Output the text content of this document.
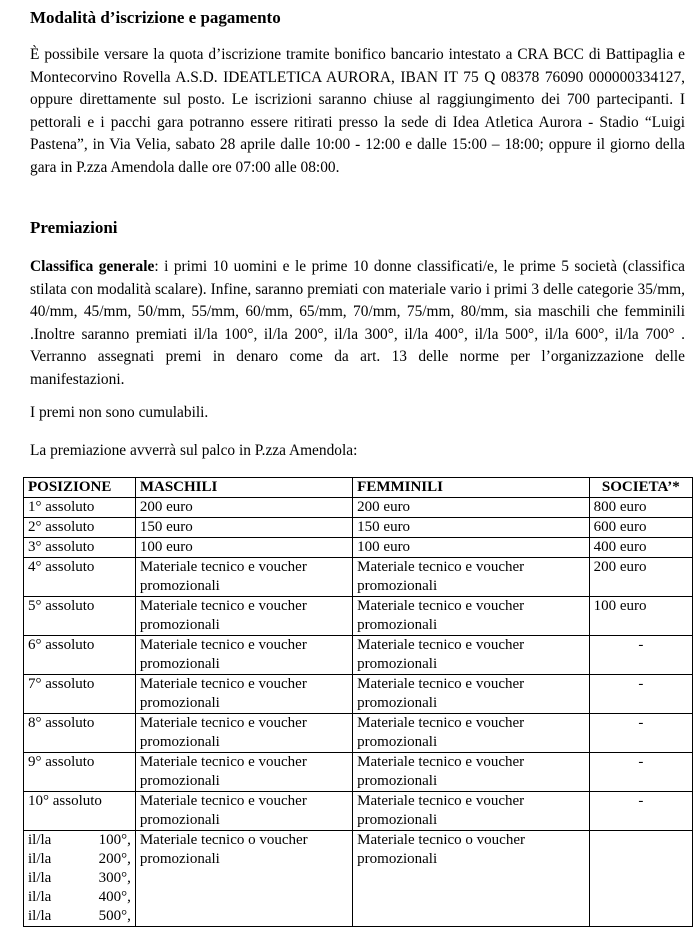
Modalità d’iscrizione e pagamento

È possibile versare la quota d’iscrizione tramite bonifico bancario intestato a CRA BCC di Battipaglia e Montecorvino Rovella A.S.D. IDEATLETICA AURORA, IBAN IT 75 Q 08378 76090 000000334127, oppure direttamente sul posto. Le iscrizioni saranno chiuse al raggiungimento dei 700 partecipanti. I pettorali e i pacchi gara potranno essere ritirati presso la sede di Idea Atletica Aurora - Stadio “Luigi Pastena”, in Via Velia, sabato 28 aprile dalle 10:00 - 12:00 e dalle 15:00 – 18:00; oppure il giorno della gara in P.zza Amendola dalle ore 07:00 alle 08:00.

Premiazioni

Classifica generale: i primi 10 uomini e le prime 10 donne classificati/e, le prime 5 società (classifica stilata con modalità scalare). Infine, saranno premiati con materiale vario i primi 3 delle categorie 35/mm, 40/mm, 45/mm, 50/mm, 55/mm, 60/mm, 65/mm, 70/mm, 75/mm, 80/mm, sia maschili che femminili .Inoltre saranno premiati il/la 100°, il/la 200°, il/la 300°, il/la 400°, il/la 500°, il/la 600°, il/la 700° . Verranno assegnati premi in denaro come da art. 13 delle norme per l’organizzazione delle manifestazioni.

I premi non sono cumulabili.

La premiazione avverrà sul palco in P.zza Amendola:

POSIZIONE	MASCHILI	FEMMINILI	SOCIETA’*
1° assoluto	200 euro	200 euro	800 euro
2° assoluto	150 euro	150 euro	600 euro
3° assoluto	100 euro	100 euro	400 euro
4° assoluto	Materiale tecnico e voucher promozionali	Materiale tecnico e voucher promozionali	200 euro
5° assoluto	Materiale tecnico e voucher promozionali	Materiale tecnico e voucher promozionali	100 euro
6° assoluto	Materiale tecnico e voucher promozionali	Materiale tecnico e voucher promozionali	-
7° assoluto	Materiale tecnico e voucher promozionali	Materiale tecnico e voucher promozionali	-
8° assoluto	Materiale tecnico e voucher promozionali	Materiale tecnico e voucher promozionali	-
9° assoluto	Materiale tecnico e voucher promozionali	Materiale tecnico e voucher promozionali	-
10° assoluto	Materiale tecnico e voucher promozionali	Materiale tecnico e voucher promozionali	-

il/la 100°,
il/la 200°,
il/la 300°,
il/la 400°,
il/la 500°,	Materiale tecnico o voucher promozionali	Materiale tecnico o voucher promozionali	
